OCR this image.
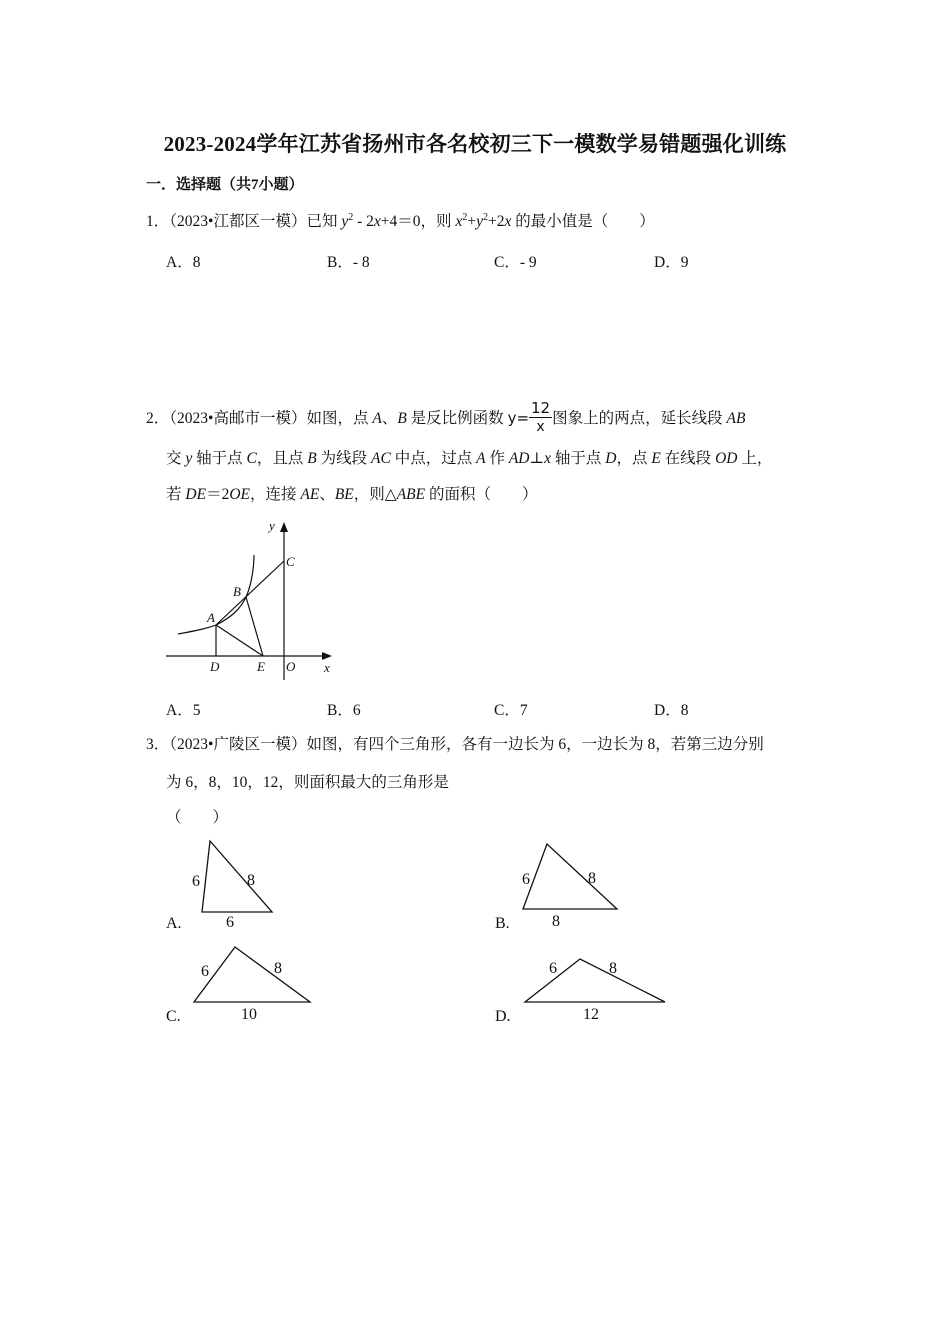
2023-2024学年江苏省扬州市各名校初三下一模数学易错题强化训练
一．选择题（共7小题）
1．（2023•江都区一模）已知 $y^2 - 2x+4=0$，则 $x^2+y^2+2x$ 的最小值是（　　）
A．8	B．- 8	C．- 9	D．9
2．（2023•高邮市一模）如图，点 A、B 是反比例函数 $y= \frac{12}{x}$ 图象上的两点，延长线段 AB
交 y 轴于点 C，且点 B 为线段 AC 中点，过点 A 作 AD⊥x 轴于点 D，点 E 在线段 OD 上，
若 DE＝2OE，连接 AE、BE，则△ABE 的面积（　　）
y
C
B
A
D	E O x
A．5	B．6	C．7	D．8
3．（2023•广陵区一模）如图，有四个三角形，各有一边长为 6，一边长为 8，若第三边分别
为 6，8，10，12，则面积最大的三角形是
（　　）
A.
6	8
6	B.
6	8
8
C.
6	8
10	D.
6	8
12
